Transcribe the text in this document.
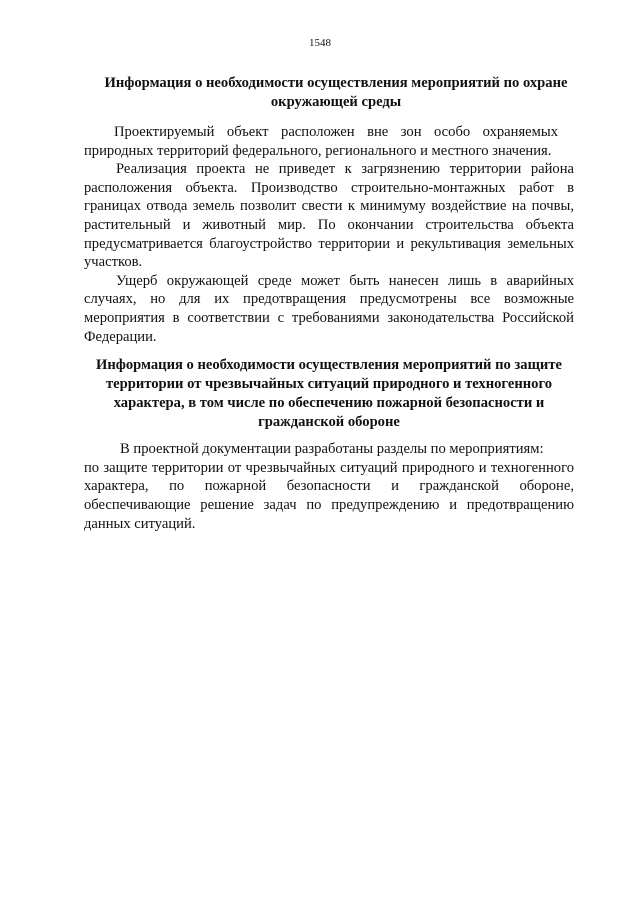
1548

Информация о необходимости осуществления мероприятий по охране окружающей среды

Проектируемый объект расположен вне зон особо охраняемых природных территорий федерального, регионального и местного значения.

Реализация проекта не приведет к загрязнению территории района расположения объекта. Производство строительно-монтажных работ в границах отвода земель позволит свести к минимуму воздействие на почвы, растительный и животный мир. По окончании строительства объекта предусматривается благоустройство территории и рекультивация земельных участков.

Ущерб окружающей среде может быть нанесен лишь в аварийных случаях, но для их предотвращения предусмотрены все возможные мероприятия в соответствии с требованиями законодательства Российской Федерации.

Информация о необходимости осуществления мероприятий по защите территории от чрезвычайных ситуаций природного и техногенного характера, в том числе по обеспечению пожарной безопасности и гражданской обороне

В проектной документации разработаны разделы по мероприятиям:

по защите территории от чрезвычайных ситуаций природного и техногенного характера, по пожарной безопасности и гражданской обороне, обеспечивающие решение задач по предупреждению и предотвращению данных ситуаций.
